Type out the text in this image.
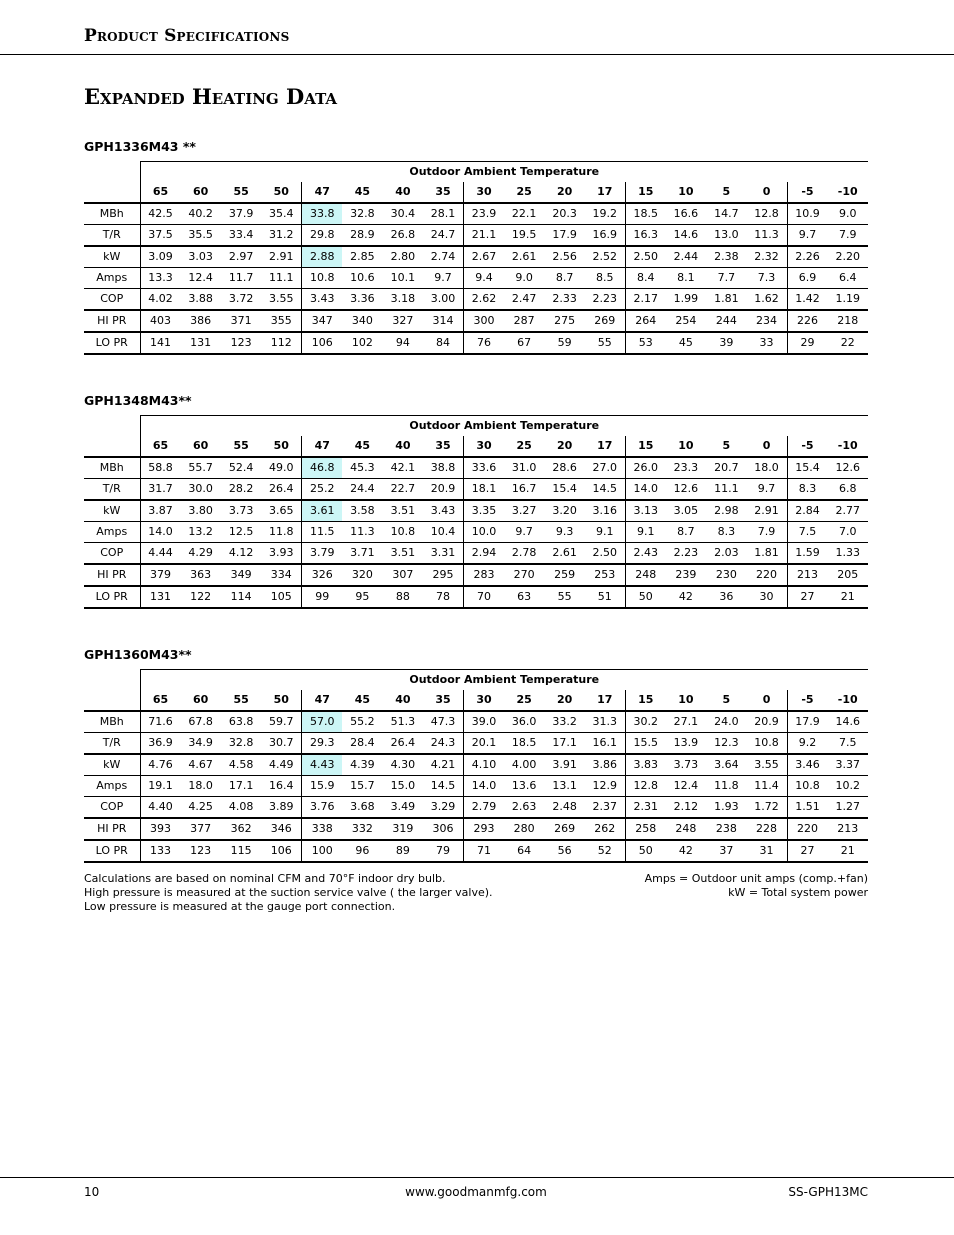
Product Specifications
Expanded Heating Data
GPH1336M43 **
	Outdoor Ambient Temperature																	
	65	60	55	50	47	45	40	35	30	25	20	17	15	10	5	0	-5	-10
MBh	42.5	40.2	37.9	35.4	33.8	32.8	30.4	28.1	23.9	22.1	20.3	19.2	18.5	16.6	14.7	12.8	10.9	9.0
T/R	37.5	35.5	33.4	31.2	29.8	28.9	26.8	24.7	21.1	19.5	17.9	16.9	16.3	14.6	13.0	11.3	9.7	7.9
kW	3.09	3.03	2.97	2.91	2.88	2.85	2.80	2.74	2.67	2.61	2.56	2.52	2.50	2.44	2.38	2.32	2.26	2.20
Amps	13.3	12.4	11.7	11.1	10.8	10.6	10.1	9.7	9.4	9.0	8.7	8.5	8.4	8.1	7.7	7.3	6.9	6.4
COP	4.02	3.88	3.72	3.55	3.43	3.36	3.18	3.00	2.62	2.47	2.33	2.23	2.17	1.99	1.81	1.62	1.42	1.19
HI PR	403	386	371	355	347	340	327	314	300	287	275	269	264	254	244	234	226	218
LO PR	141	131	123	112	106	102	94	84	76	67	59	55	53	45	39	33	29	22
GPH1348M43**
	Outdoor Ambient Temperature																	
	65	60	55	50	47	45	40	35	30	25	20	17	15	10	5	0	-5	-10
MBh	58.8	55.7	52.4	49.0	46.8	45.3	42.1	38.8	33.6	31.0	28.6	27.0	26.0	23.3	20.7	18.0	15.4	12.6
T/R	31.7	30.0	28.2	26.4	25.2	24.4	22.7	20.9	18.1	16.7	15.4	14.5	14.0	12.6	11.1	9.7	8.3	6.8
kW	3.87	3.80	3.73	3.65	3.61	3.58	3.51	3.43	3.35	3.27	3.20	3.16	3.13	3.05	2.98	2.91	2.84	2.77
Amps	14.0	13.2	12.5	11.8	11.5	11.3	10.8	10.4	10.0	9.7	9.3	9.1	9.1	8.7	8.3	7.9	7.5	7.0
COP	4.44	4.29	4.12	3.93	3.79	3.71	3.51	3.31	2.94	2.78	2.61	2.50	2.43	2.23	2.03	1.81	1.59	1.33
HI PR	379	363	349	334	326	320	307	295	283	270	259	253	248	239	230	220	213	205
LO PR	131	122	114	105	99	95	88	78	70	63	55	51	50	42	36	30	27	21
GPH1360M43**
	Outdoor Ambient Temperature																	
	65	60	55	50	47	45	40	35	30	25	20	17	15	10	5	0	-5	-10
MBh	71.6	67.8	63.8	59.7	57.0	55.2	51.3	47.3	39.0	36.0	33.2	31.3	30.2	27.1	24.0	20.9	17.9	14.6
T/R	36.9	34.9	32.8	30.7	29.3	28.4	26.4	24.3	20.1	18.5	17.1	16.1	15.5	13.9	12.3	10.8	9.2	7.5
kW	4.76	4.67	4.58	4.49	4.43	4.39	4.30	4.21	4.10	4.00	3.91	3.86	3.83	3.73	3.64	3.55	3.46	3.37
Amps	19.1	18.0	17.1	16.4	15.9	15.7	15.0	14.5	14.0	13.6	13.1	12.9	12.8	12.4	11.8	11.4	10.8	10.2
COP	4.40	4.25	4.08	3.89	3.76	3.68	3.49	3.29	2.79	2.63	2.48	2.37	2.31	2.12	1.93	1.72	1.51	1.27
HI PR	393	377	362	346	338	332	319	306	293	280	269	262	258	248	238	228	220	213
LO PR	133	123	115	106	100	96	89	79	71	64	56	52	50	42	37	31	27	21
Calculations are based on nominal CFM and 70°F indoor dry bulb.
High pressure is measured at the suction service valve ( the larger valve).
Low pressure is measured at the gauge port connection.
Amps = Outdoor unit amps (comp.+fan)
kW = Total system power
www.goodmanmfg.com
10	SS-GPH13MC
